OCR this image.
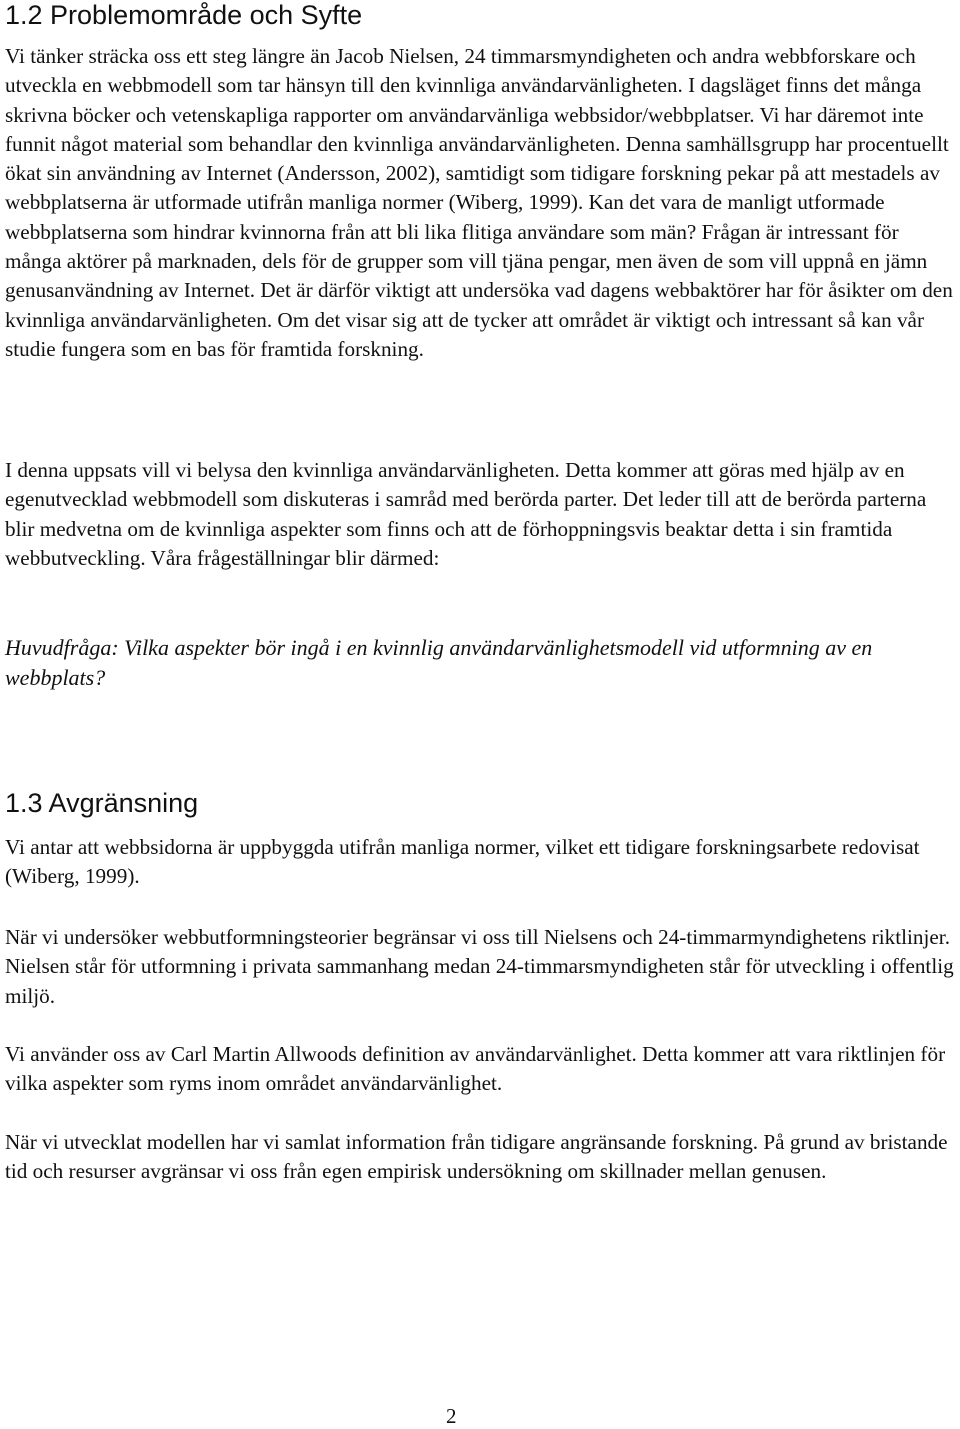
1.2 Problemområde och Syfte

Vi tänker sträcka oss ett steg längre än Jacob Nielsen, 24 timmarsmyndigheten och andra webbforskare och utveckla en webbmodell som tar hänsyn till den kvinnliga användarvänligheten. I dagsläget finns det många skrivna böcker och vetenskapliga rapporter om användarvänliga webbsidor/webbplatser. Vi har däremot inte funnit något material som behandlar den kvinnliga användarvänligheten. Denna samhällsgrupp har procentuellt ökat sin användning av Internet (Andersson, 2002), samtidigt som tidigare forskning pekar på att mestadels av webbplatserna är utformade utifrån manliga normer (Wiberg, 1999). Kan det vara de manligt utformade webbplatserna som hindrar kvinnorna från att bli lika flitiga användare som män? Frågan är intressant för många aktörer på marknaden, dels för de grupper som vill tjäna pengar, men även de som vill uppnå en jämn genusanvändning av Internet. Det är därför viktigt att undersöka vad dagens webbaktörer har för åsikter om den kvinnliga användarvänligheten. Om det visar sig att de tycker att området är viktigt och intressant så kan vår studie fungera som en bas för framtida forskning.

I denna uppsats vill vi belysa den kvinnliga användarvänligheten. Detta kommer att göras med hjälp av en egenutvecklad webbmodell som diskuteras i samråd med berörda parter. Det leder till att de berörda parterna blir medvetna om de kvinnliga aspekter som finns och att de förhoppningsvis beaktar detta i sin framtida webbutveckling. Våra frågeställningar blir därmed:

Huvudfråga: Vilka aspekter bör ingå i en kvinnlig användarvänlighetsmodell vid utformning av en webbplats?

1.3 Avgränsning

Vi antar att webbsidorna är uppbyggda utifrån manliga normer, vilket ett tidigare forskningsarbete redovisat (Wiberg, 1999).

När vi undersöker webbutformningsteorier begränsar vi oss till Nielsens och 24-timmarmyndighetens riktlinjer. Nielsen står för utformning i privata sammanhang medan 24-timmarsmyndigheten står för utveckling i offentlig miljö.

Vi använder oss av Carl Martin Allwoods definition av användarvänlighet. Detta kommer att vara riktlinjen för vilka aspekter som ryms inom området användarvänlighet.

När vi utvecklat modellen har vi samlat information från tidigare angränsande forskning. På grund av bristande tid och resurser avgränsar vi oss från egen empirisk undersökning om skillnader mellan genusen.

2
